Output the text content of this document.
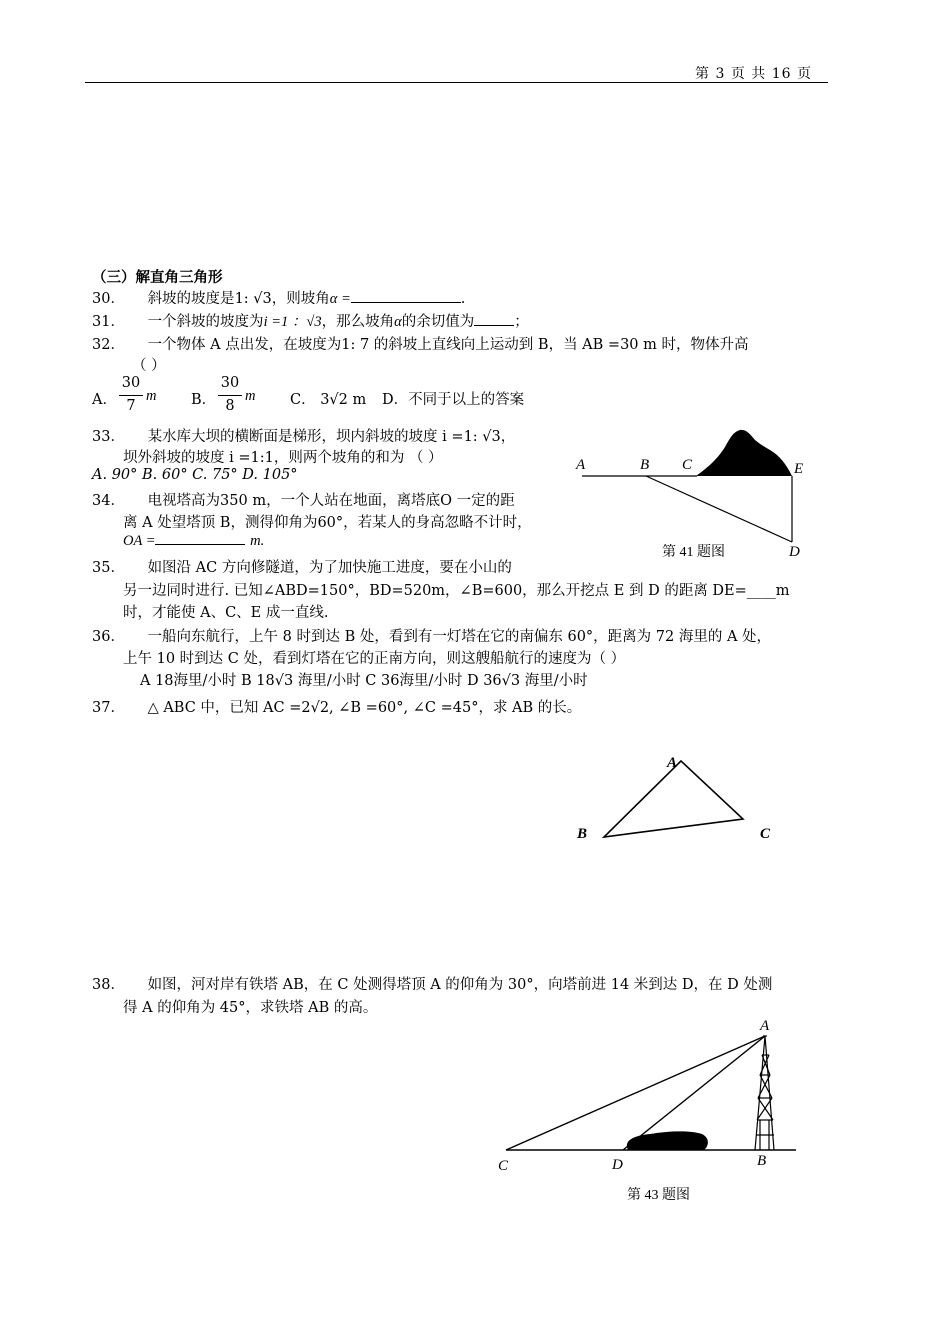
第 3 页 共 16 页
（三）解直角三角形
30． 斜坡的坡度是1: √3，则坡角α =	.
31． 一个斜坡的坡度为i =1 ：√3，那么坡角α的余切值为	；
32． 一个物体 A 点出发，在坡度为1: 7 的斜坡上直线向上运动到 B，当 AB =30 m 时，物体升高
（ ）
A．
30
7
m B．
30
8
m C． 3√2 m D．不同于以上的答案
33． 某水库大坝的横断面是梯形，坝内斜坡的坡度 i =1: √3，
坝外斜坡的坡度 i =1:1，则两个坡角的和为 （ ）
A. 90° B. 60° C. 75° D. 105°
34． 电视塔高为350 m，一个人站在地面，离塔底O 一定的距
离 A 处望塔顶 B，测得仰角为60°，若某人的身高忽略不计时，
OA =	m.
35． 如图沿 AC 方向修隧道，为了加快施工进度，要在小山的
另一边同时进行. 已知∠ABD=150°，BD=520m，∠B=600，那么开挖点 E 到 D 的距离 DE=____m
时，才能使 A、C、E 成一直线.
36． 一船向东航行，上午 8 时到达 B 处，看到有一灯塔在它的南偏东 60°，距离为 72 海里的 A 处，
上午 10 时到达 C 处，看到灯塔在它的正南方向，则这艘船航行的速度为（ ）
A 18海里/小时 B 18√3 海里/小时 C 36海里/小时 D 36√3 海里/小时
37． △ ABC 中，已知 AC =2√2, ∠B =60°, ∠C =45°，求 AB 的长。
38． 如图，河对岸有铁塔 AB，在 C 处测得塔顶 A 的仰角为 30°，向塔前进 14 米到达 D，在 D 处测
得 A 的仰角为 45°，求铁塔 AB 的高。
A	B C	E
D
第 41 题图
A
B	C
A
C	D	B
第 43 题图
